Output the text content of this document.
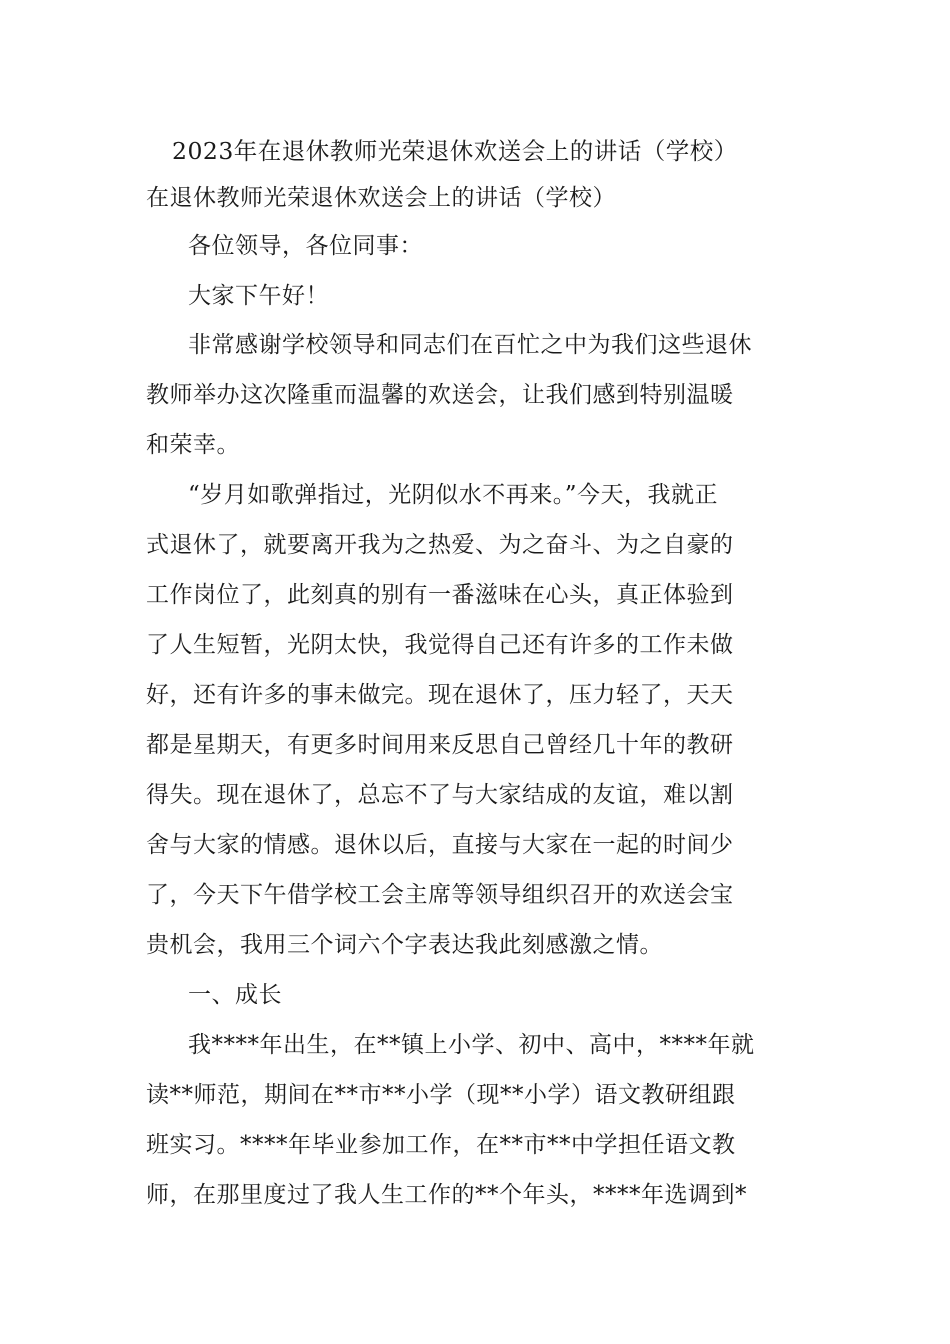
2023年在退休教师光荣退休欢送会上的讲话（学校）
在退休教师光荣退休欢送会上的讲话（学校）

各位领导，各位同事：

大家下午好！

非常感谢学校领导和同志们在百忙之中为我们这些退休
教师举办这次隆重而温馨的欢送会，让我们感到特别温暖
和荣幸。

“岁月如歌弹指过，光阴似水不再来。”今天，我就正
式退休了，就要离开我为之热爱、为之奋斗、为之自豪的
工作岗位了，此刻真的别有一番滋味在心头，真正体验到
了人生短暂，光阴太快，我觉得自己还有许多的工作未做
好，还有许多的事未做完。现在退休了，压力轻了，天天
都是星期天，有更多时间用来反思自己曾经几十年的教研
得失。现在退休了，总忘不了与大家结成的友谊，难以割
舍与大家的情感。退休以后，直接与大家在一起的时间少
了，今天下午借学校工会主席等领导组织召开的欢送会宝
贵机会，我用三个词六个字表达我此刻感激之情。

一、成长

我****年出生，在**镇上小学、初中、高中，****年就
读**师范，期间在**市**小学（现**小学）语文教研组跟
班实习。****年毕业参加工作，在**市**中学担任语文教
师，在那里度过了我人生工作的**个年头，****年选调到*
